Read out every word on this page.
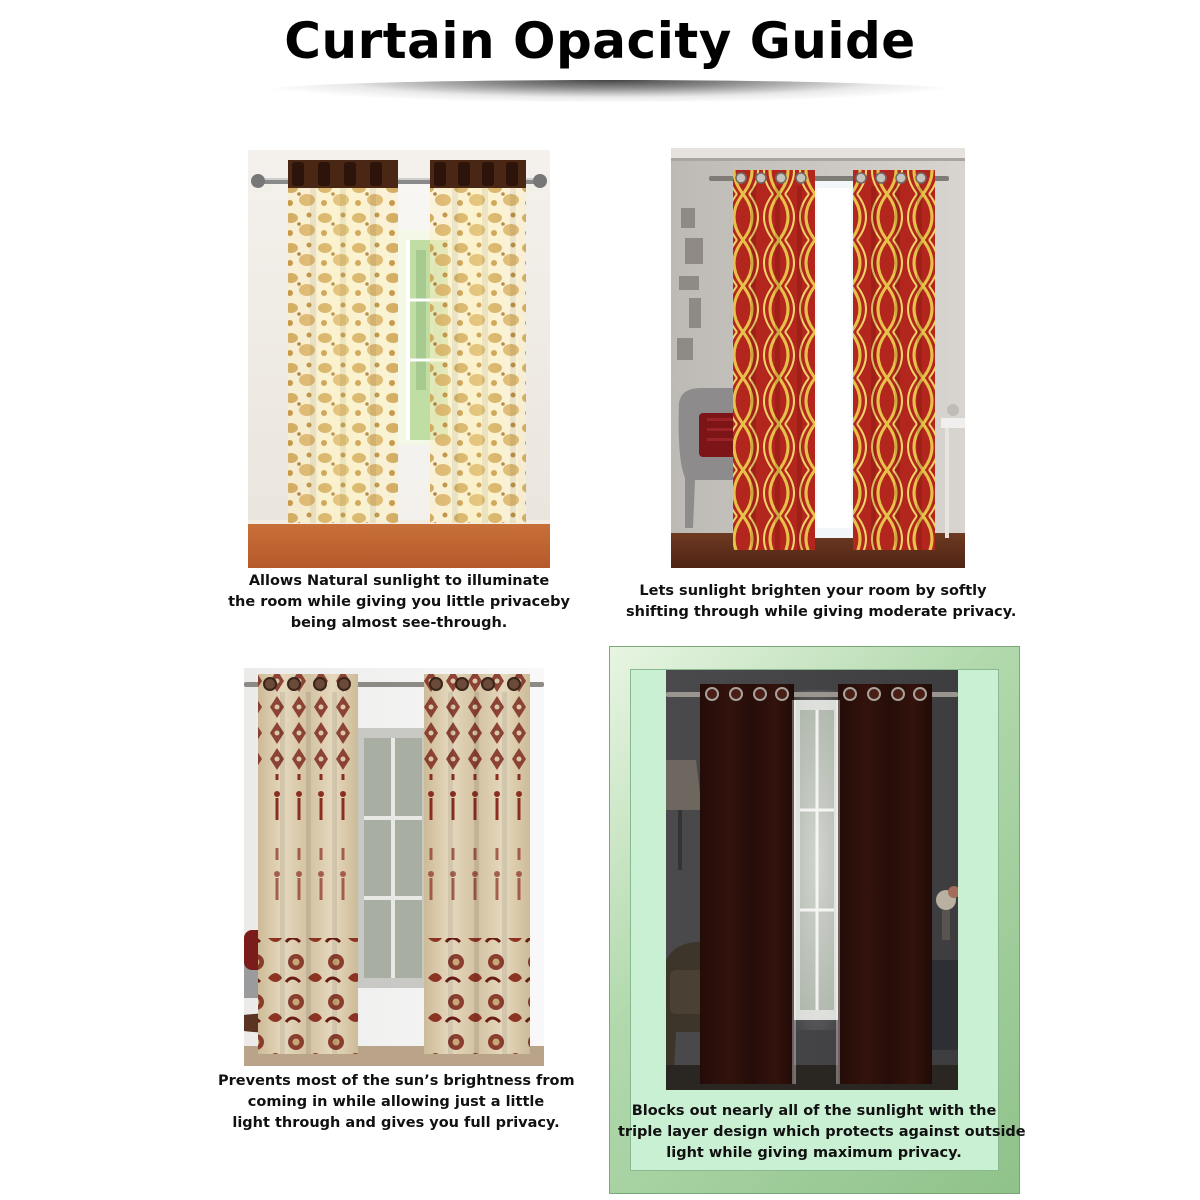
Curtain Opacity Guide
Allows Natural sunlight to illuminate
the room while giving you little privaceby
being almost see-through.
Lets sunlight brighten your room by softly
shifting through while giving moderate privacy.
Prevents most of the sun’s brightness from
coming in while allowing just a little
light through and gives you full privacy.
Blocks out nearly all of the sunlight with the
triple layer design which protects against outside
light while giving maximum privacy.
